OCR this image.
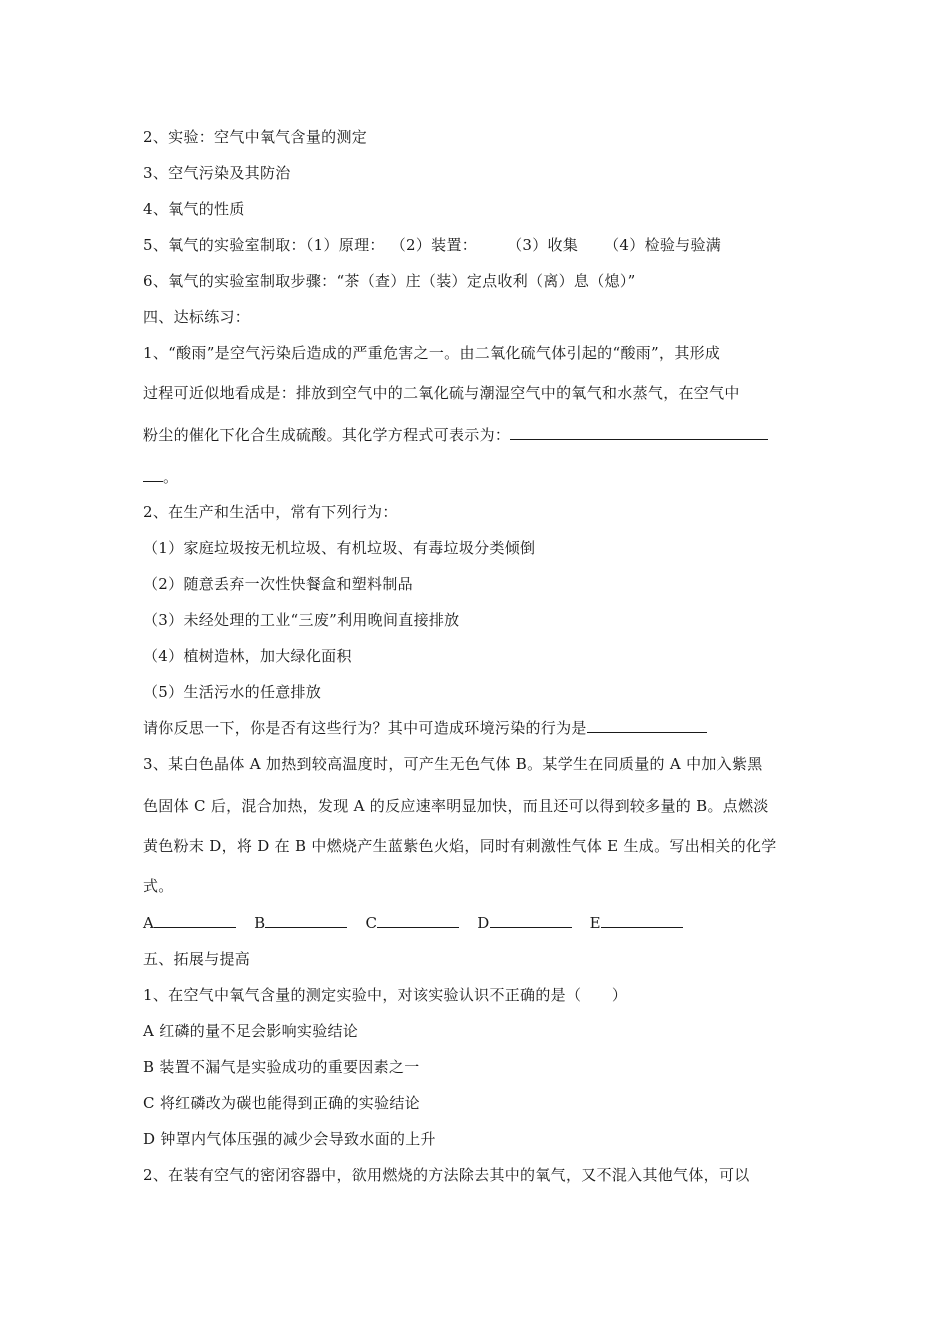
2、实验：空气中氧气含量的测定
3、空气污染及其防治
4、氧气的性质
5、氧气的实验室制取：（1）原理： （2）装置： （3）收集 （4）检验与验满
6、氧气的实验室制取步骤：“茶（查）庄（装）定点收利（离）息（熄）”
四、达标练习：
1、“酸雨”是空气污染后造成的严重危害之一。由二氧化硫气体引起的“酸雨”，其形成
过程可近似地看成是：排放到空气中的二氧化硫与潮湿空气中的氧气和水蒸气，在空气中
粉尘的催化下化合生成硫酸。其化学方程式可表示为：
。
2、在生产和生活中，常有下列行为：
（1）家庭垃圾按无机垃圾、有机垃圾、有毒垃圾分类倾倒
（2）随意丢弃一次性快餐盒和塑料制品
（3）未经处理的工业“三废”利用晚间直接排放
（4）植树造林，加大绿化面积
（5）生活污水的任意排放
请你反思一下，你是否有这些行为？其中可造成环境污染的行为是
3、某白色晶体 A 加热到较高温度时，可产生无色气体 B。某学生在同质量的 A 中加入紫黑
色固体 C 后，混合加热，发现 A 的反应速率明显加快，而且还可以得到较多量的 B。点燃淡
黄色粉末 D，将 D 在 B 中燃烧产生蓝紫色火焰，同时有刺激性气体 E 生成。写出相关的化学
式。
A	B	C	D	E
五、拓展与提高
1、在空气中氧气含量的测定实验中，对该实验认识不正确的是（　　）
A 红磷的量不足会影响实验结论
B 装置不漏气是实验成功的重要因素之一
C 将红磷改为碳也能得到正确的实验结论
D 钟罩内气体压强的减少会导致水面的上升
2、在装有空气的密闭容器中，欲用燃烧的方法除去其中的氧气，又不混入其他气体，可以
